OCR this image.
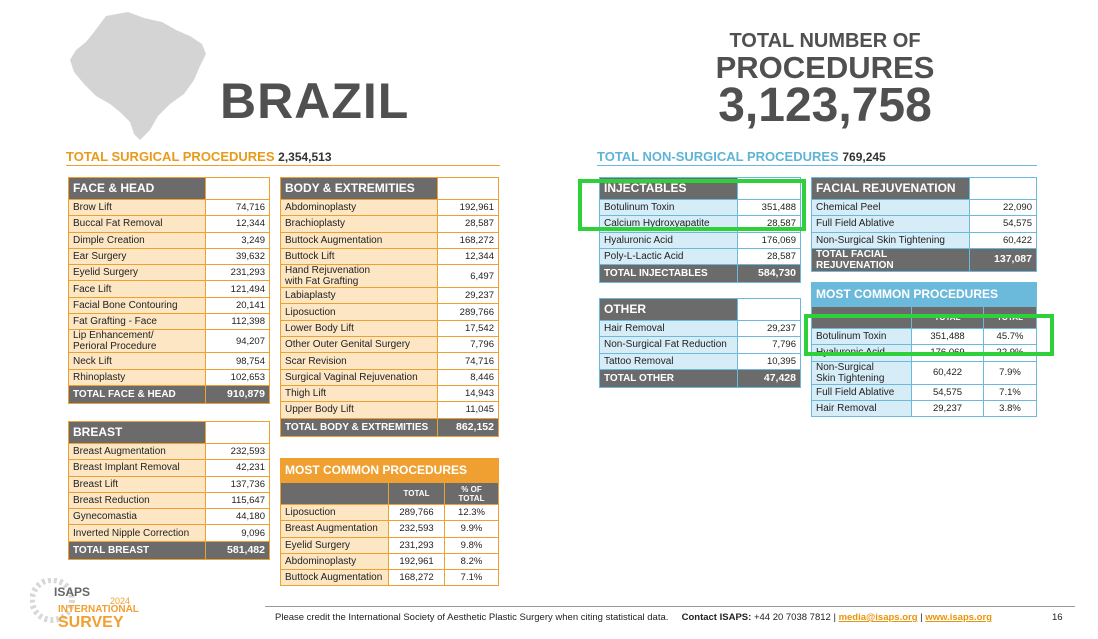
BRAZIL
TOTAL NUMBER OF
PROCEDURES
3,123,758
TOTAL SURGICAL PROCEDURES 2,354,513	TOTAL NON-SURGICAL PROCEDURES 769,245
FACE & HEAD	
Brow Lift	74,716
Buccal Fat Removal	12,344
Dimple Creation	3,249
Ear Surgery	39,632
Eyelid Surgery	231,293
Face Lift	121,494
Facial Bone Contouring	20,141
Fat Grafting - Face	112,398
Lip Enhancement/
Perioral Procedure	94,207
Neck Lift	98,754
Rhinoplasty	102,653
TOTAL FACE & HEAD	910,879
BREAST	
Breast Augmentation	232,593
Breast Implant Removal	42,231
Breast Lift	137,736
Breast Reduction	115,647
Gynecomastia	44,180
Inverted Nipple Correction	9,096
TOTAL BREAST	581,482
BODY & EXTREMITIES	
Abdominoplasty	192,961
Brachioplasty	28,587
Buttock Augmentation	168,272
Buttock Lift	12,344
Hand Rejuvenation
with Fat Grafting	6,497
Labiaplasty	29,237
Liposuction	289,766
Lower Body Lift	17,542
Other Outer Genital Surgery	7,796
Scar Revision	74,716
Surgical Vaginal Rejuvenation	8,446
Thigh Lift	14,943
Upper Body Lift	11,045
TOTAL BODY & EXTREMITIES	862,152
MOST COMMON PROCEDURES		
	TOTAL	% OF
TOTAL
Liposuction	289,766	12.3%
Breast Augmentation	232,593	9.9%
Eyelid Surgery	231,293	9.8%
Abdominoplasty	192,961	8.2%
Buttock Augmentation	168,272	7.1%
INJECTABLES	
Botulinum Toxin	351,488
Calcium Hydroxyapatite	28,587
Hyaluronic Acid	176,069
Poly-L-Lactic Acid	28,587
TOTAL INJECTABLES	584,730
OTHER	
Hair Removal	29,237
Non-Surgical Fat Reduction	7,796
Tattoo Removal	10,395
TOTAL OTHER	47,428
FACIAL REJUVENATION	
Chemical Peel	22,090
Full Field Ablative	54,575
Non-Surgical Skin Tightening	60,422
TOTAL FACIAL REJUVENATION	137,087
MOST COMMON PROCEDURES		
	TOTAL	TOTAL
Botulinum Toxin	351,488	45.7%
Hyaluronic Acid	176,069	22.9%
Non-Surgical
Skin Tightening	60,422	7.9%
Full Field Ablative	54,575	7.1%
Hair Removal	29,237	3.8%
Please credit the International Society of Aesthetic Plastic Surgery when citing statistical data. Contact ISAPS: +44 20 7038 7812 | media@isaps.org | www.isaps.org	16
ISAPS
2024
INTERNATIONAL
SURVEY
